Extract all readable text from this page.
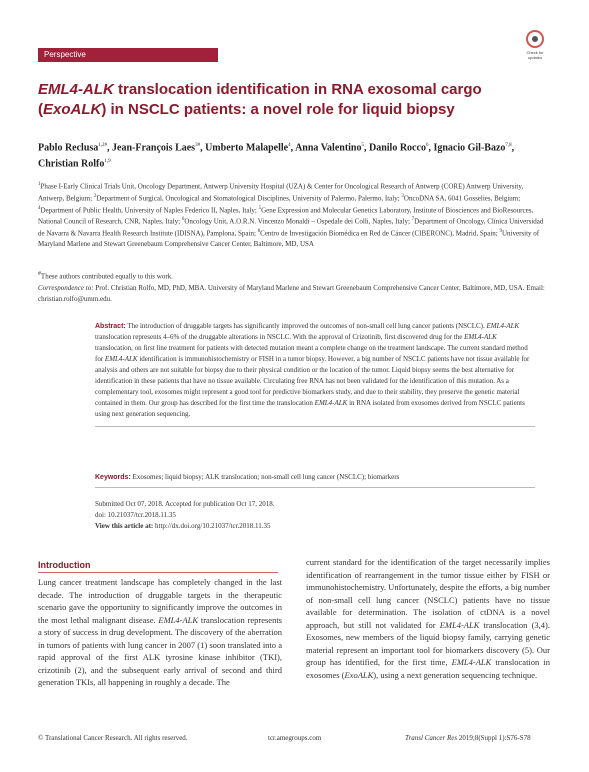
Perspective	Check for updates
EML4-ALK translocation identification in RNA exosomal cargo (ExoALK) in NSCLC patients: a novel role for liquid biopsy
Pablo Reclusa$^{1,2\#}$, Jean-François Laes$^{3\#}$, Umberto Malapelle$^4$, Anna Valentino$^5$, Danilo Rocco$^6$, Ignacio Gil-Bazo$^{7,8}$, Christian Rolfo$^{1,9}$
$^1$Phase I-Early Clinical Trials Unit, Oncology Department, Antwerp University Hospital (UZA) & Center for Oncological Research of Antwerp (CORE) Antwerp University, Antwerp, Belgium; $^2$Department of Surgical, Oncological and Stomatological Disciplines, University of Palermo, Palermo, Italy; $^3$OncoDNA SA, 6041 Gosselies, Belgium; $^4$Department of Public Health, University of Naples Federico II, Naples, Italy; $^5$Gene Expression and Molecular Genetics Laboratory, Institute of Biosciences and BioResources, National Council of Research, CNR, Naples, Italy; $^6$Oncology Unit, A.O.R.N. Vincenzo Monaldi – Ospedale dei Colli, Naples, Italy; $^7$Department of Oncology, Clínica Universidad de Navarra & Navarra Health Research Institute (IDISNA), Pamplona, Spain; $^8$Centro de Investigación Biomédica en Red de Cáncer (CIBERONC), Madrid, Spain; $^9$University of Maryland Marlene and Stewart Greenebaum Comprehensive Cancer Center, Baltimore, MD, USA
#These authors contributed equally to this work.
Correspondence to: Prof. Christian Rolfo, MD, PhD, MBA. University of Maryland Marlene and Stewart Greenebaum Comprehensive Cancer Center, Baltimore, MD, USA. Email: christian.rolfo@umm.edu.
Abstract: The introduction of druggable targets has significantly improved the outcomes of non-small cell lung cancer patients (NSCLC). EML4-ALK translocation represents 4–6% of the druggable alterations in NSCLC. With the approval of Crizotinib, first discovered drug for the EML4-ALK translocation, on first line treatment for patients with detected mutation meant a complete change on the treatment landscape. The current standard method for EML4-ALK identification is immunohistochemistry or FISH in a tumor biopsy. However, a big number of NSCLC patients have not tissue available for analysis and others are not suitable for biopsy due to their physical condition or the location of the tumor. Liquid biopsy seems the best alternative for identification in these patients that have no tissue available. Circulating free RNA has not been validated for the identification of this mutation. As a complementary tool, exosomes might represent a good tool for predictive biomarkers study, and due to their stability, they preserve the genetic material contained in them. Our group has described for the first time the translocation EML4-ALK in RNA isolated from exosomes derived from NSCLC patients using next generation sequencing.
Keywords: Exosomes; liquid biopsy; ALK translocation; non-small cell lung cancer (NSCLC); biomarkers
Submitted Oct 07, 2018. Accepted for publication Oct 17, 2018.
doi: 10.21037/tcr.2018.11.35
View this article at: http://dx.doi.org/10.21037/tcr.2018.11.35
Introduction
Lung cancer treatment landscape has completely changed in the last decade. The introduction of druggable targets in the therapeutic scenario gave the opportunity to significantly improve the outcomes in the most lethal malignant disease. EML4-ALK translocation represents a story of success in drug development. The discovery of the aberration in tumors of patients with lung cancer in 2007 (1) soon translated into a rapid approval of the first ALK tyrosine kinase inhibitor (TKI), crizotinib (2), and the subsequent early arrival of second and third generation TKIs, all happening in roughly a decade. The
current standard for the identification of the target necessarily implies identification of rearrangement in the tumor tissue either by FISH or immunohistochemistry. Unfortunately, despite the efforts, a big number of non-small cell lung cancer (NSCLC) patients have no tissue available for determination. The isolation of ctDNA is a novel approach, but still not validated for EML4-ALK translocation (3,4). Exosomes, new members of the liquid biopsy family, carrying genetic material represent an important tool for biomarkers discovery (5). Our group has identified, for the first time, EML4-ALK translocation in exosomes (ExoALK), using a next generation sequencing technique.
© Translational Cancer Research. All rights reserved.	tcr.amegroups.com	Transl Cancer Res 2019;8(Suppl 1):S76-S78
